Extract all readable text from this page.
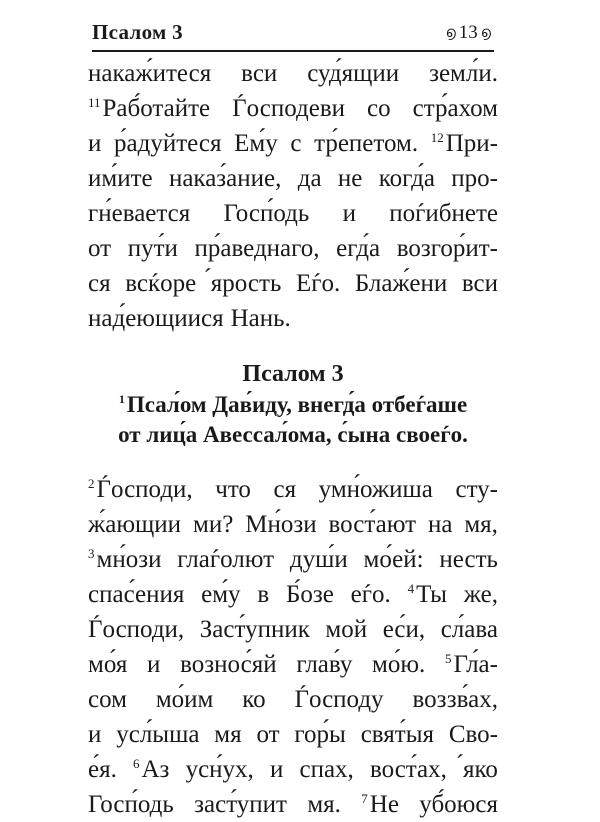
Псалом 3	൭ 13 ൭
накаж́итеся вси суд́ящии земл́и.
$^{11}$Раб́отайте Ѓосподеви со стр́ахом
и р́адуйтеся Ем́у с тр́епетом. $^{12}$При-
им́ите наказ́ание, да не когд́а про-
гн́евается Госп́одь и поѓибнете
от пут́и пр́аведнаго, егд́а возгор́ит-
ся всќоре ́ярость Еѓо. Блаж́ени вси
над́еющиися Нань.
Псалом 3
$^1$Псал́ом Дав́иду, внегд́а отбеѓаше
от лиц́а Авессал́ома, с́ына своеѓо.
$^2$Ѓосподи, что ся умн́ожиша сту-
ж́ающии ми? Мн́ози вост́ают на мя,
$^3$мн́ози глаѓолют душ́и мо́ей: несть
спас́ения ем́у в Б́озе еѓо. $^4$Ты же,
Ѓосподи, Заст́упник мой ес́и, сл́ава
мо́я и вознос́яй глав́у мо́ю. $^5$Гл́а-
сом мо́им ко Ѓосподу воззв́ах,
и усл́ыша мя от гор́ы свят́ыя Сво-
е́я. $^6$Аз усн́ух, и спах, вост́ах, ́яко
Госп́одь заст́упит мя. $^7$Не уб́оюся
